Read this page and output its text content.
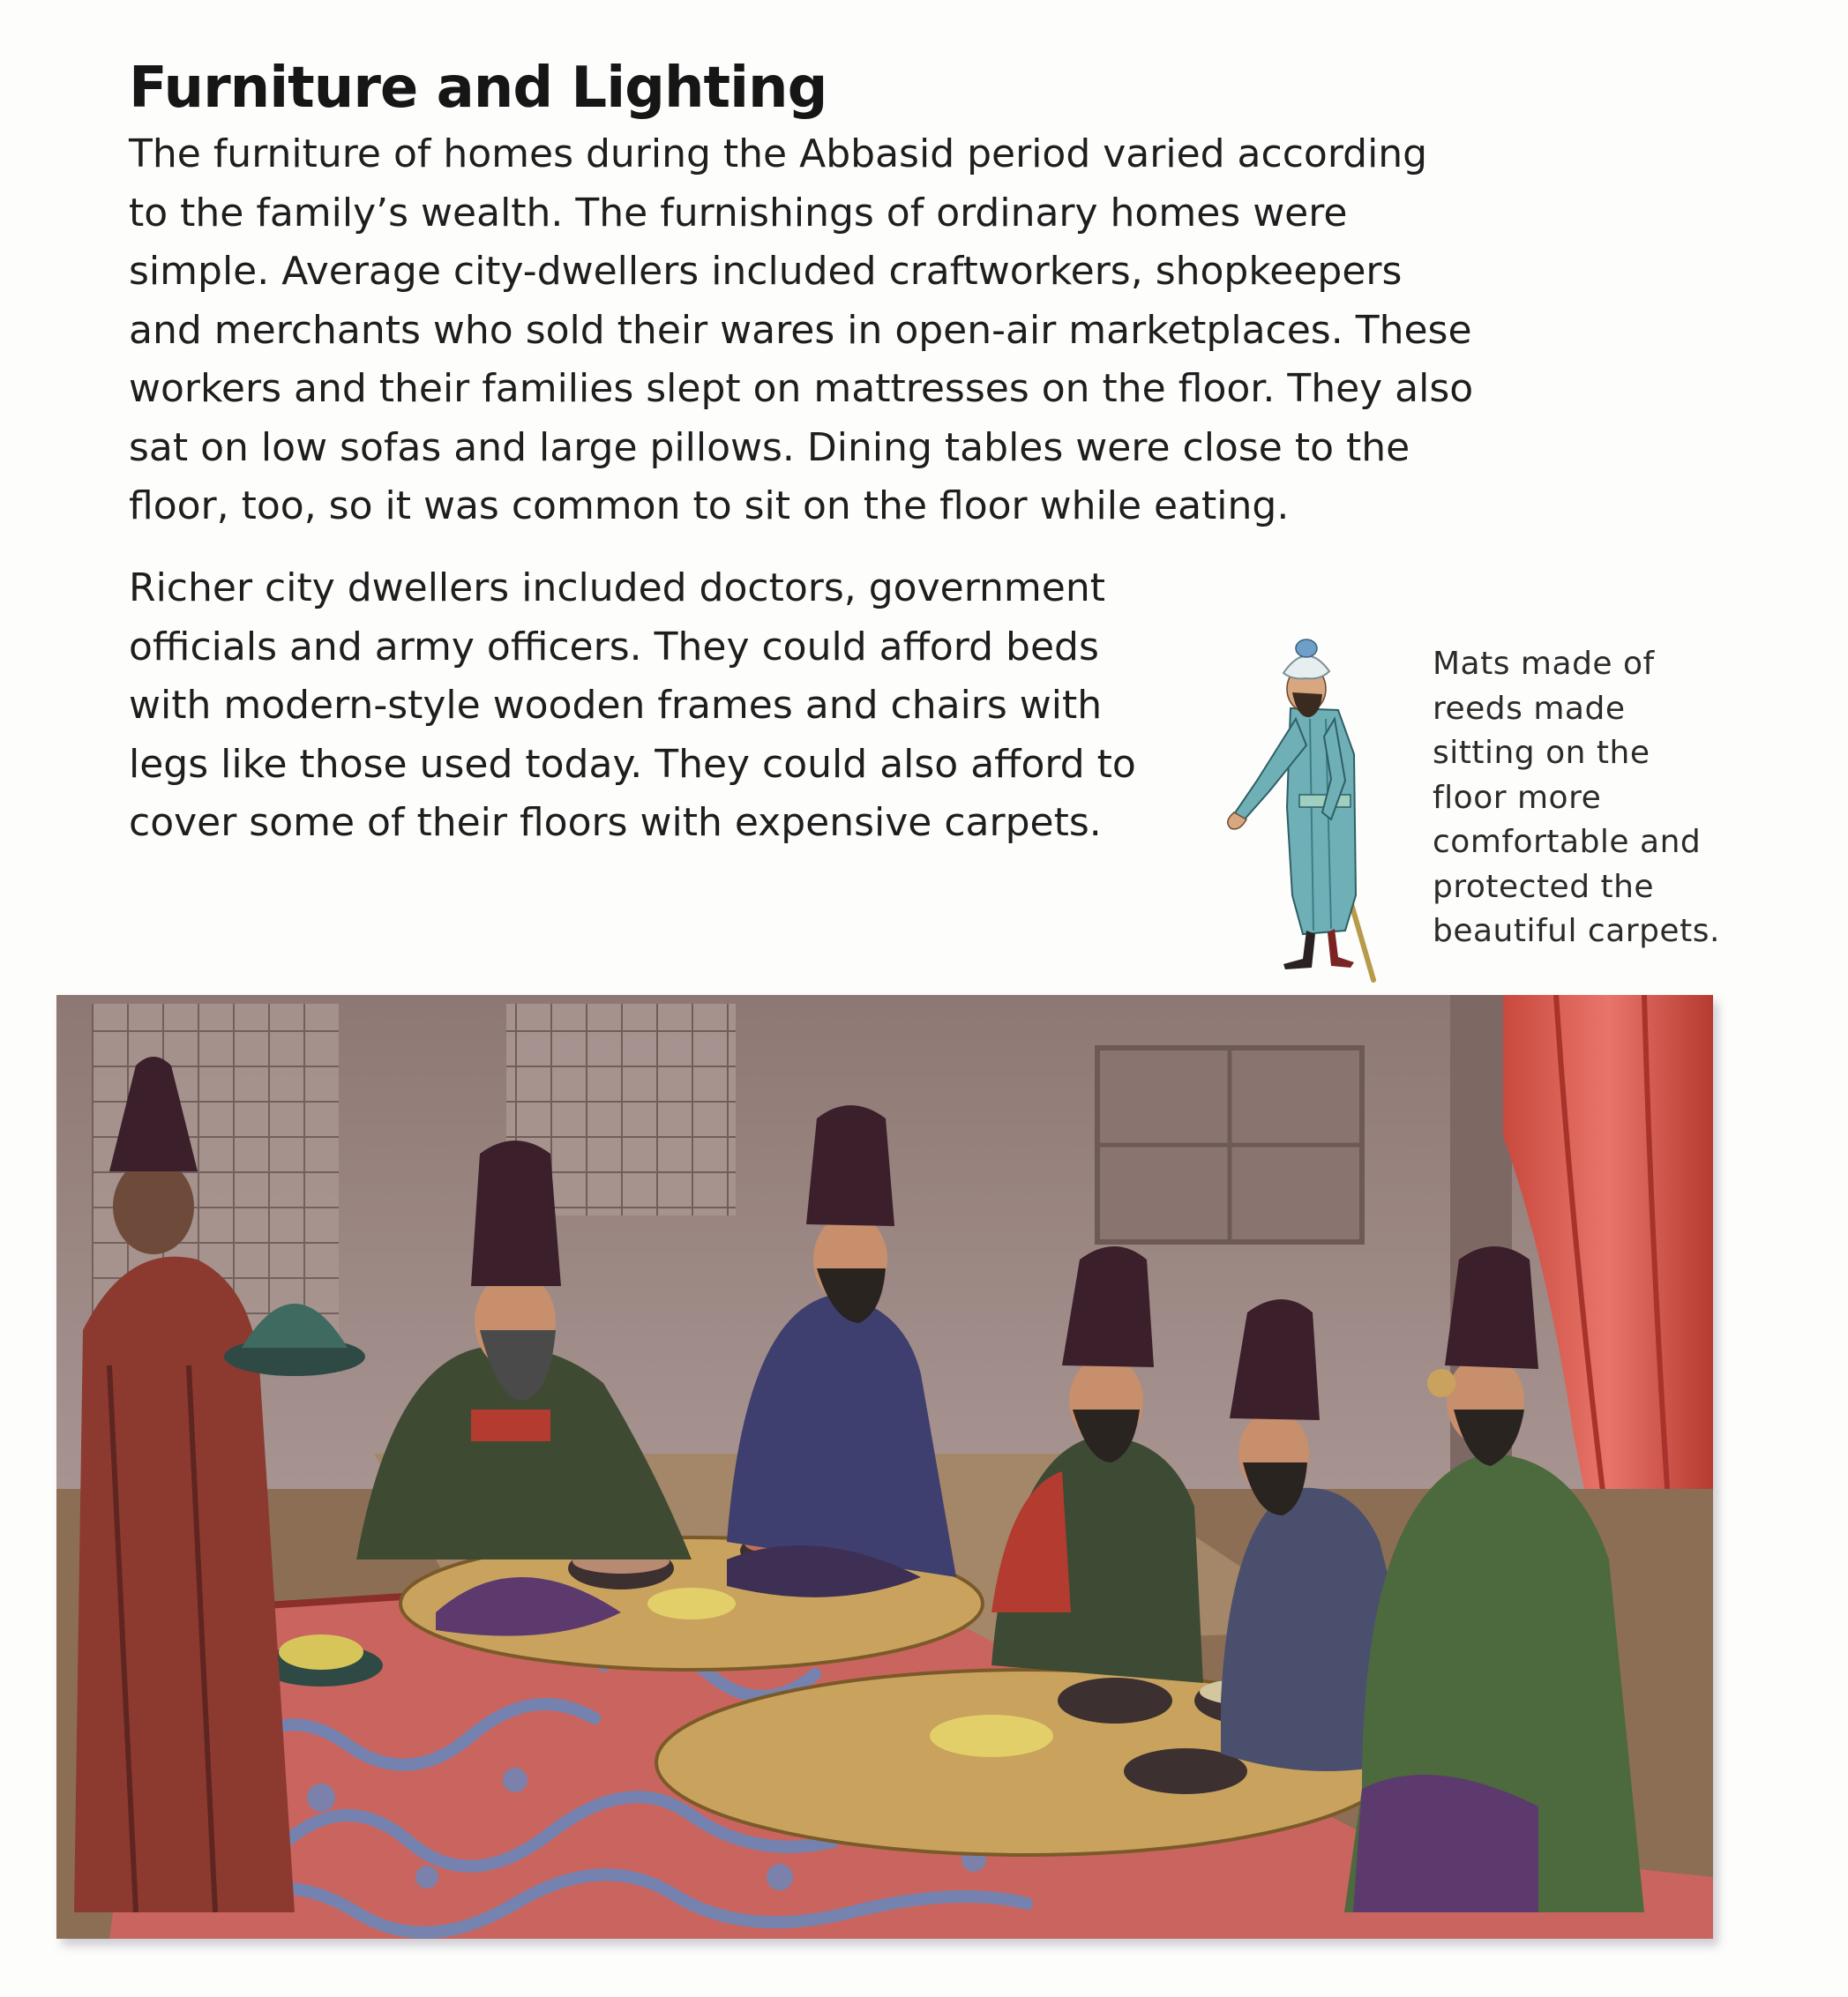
Furniture and Lighting

The furniture of homes during the Abbasid period varied according
to the family’s wealth. The furnishings of ordinary homes were
simple. Average city-dwellers included craftworkers, shopkeepers
and merchants who sold their wares in open-air marketplaces. These
workers and their families slept on mattresses on the floor. They also
sat on low sofas and large pillows. Dining tables were close to the
floor, too, so it was common to sit on the floor while eating.

Richer city dwellers included doctors, government
officials and army officers. They could afford beds
with modern-style wooden frames and chairs with
legs like those used today. They could also afford to
cover some of their floors with expensive carpets.

Mats made of
reeds made
sitting on the
floor more
comfortable and
protected the
beautiful carpets.
